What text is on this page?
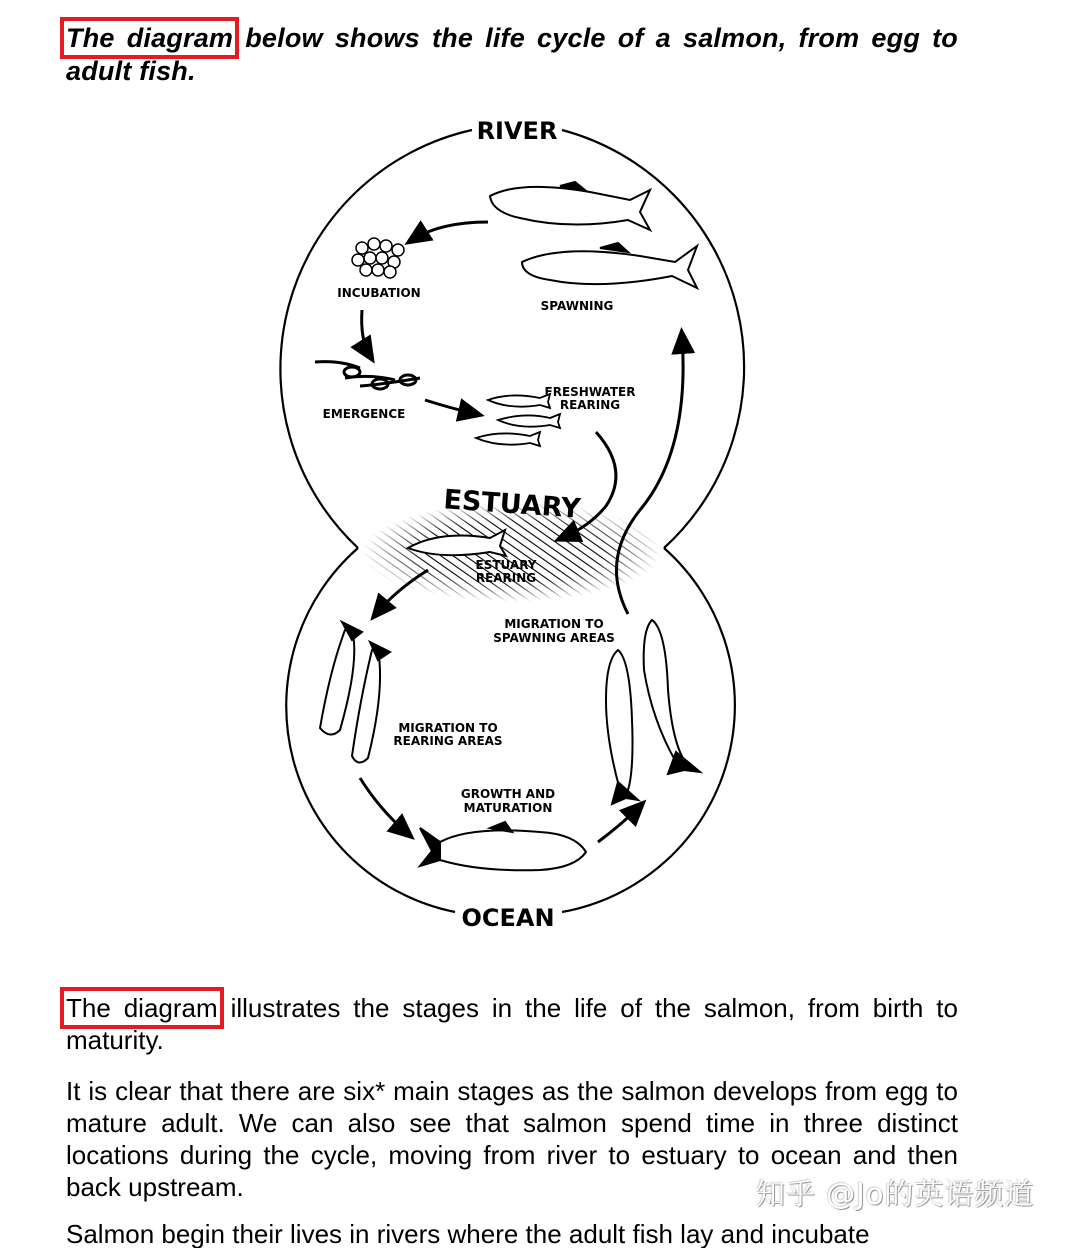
The diagram below shows the life cycle of a salmon, from egg to adult fish.
RIVER
ESTUARY
OCEAN
INCUBATION
SPAWNING
EMERGENCE
FRESHWATER
REARING
ESTUARY
REARING
MIGRATION TO
SPAWNING AREAS
MIGRATION TO
REARING AREAS
GROWTH AND
MATURATION
The diagram illustrates the stages in the life of the salmon, from birth to maturity.
It is clear that there are six* main stages as the salmon develops from egg to mature adult. We can also see that salmon spend time in three distinct locations during the cycle, moving from river to estuary to ocean and then back upstream.
Salmon begin their lives in rivers where the adult fish lay and incubate
知乎 @Jo的英语频道
